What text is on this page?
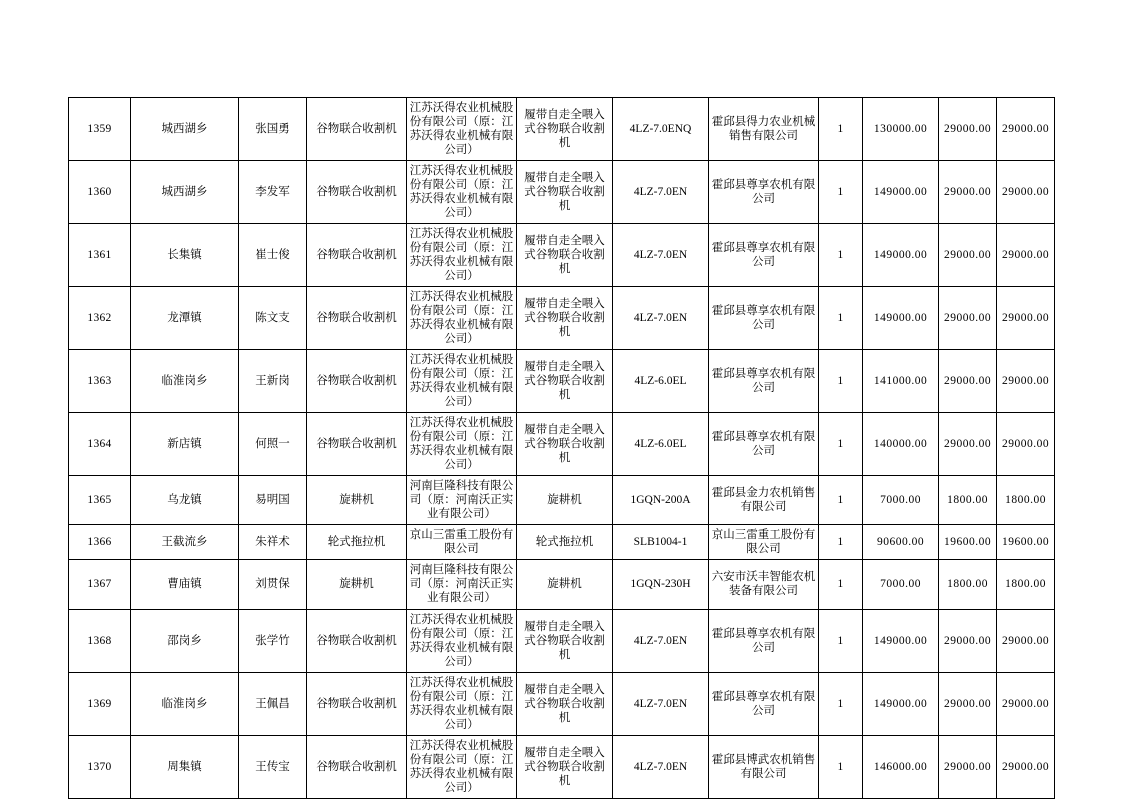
1359	城西湖乡	张国勇	谷物联合收割机	江苏沃得农业机械股份有限公司（原：江苏沃得农业机械有限公司）	履带自走全喂入式谷物联合收割机	4LZ-7.0ENQ	霍邱县得力农业机械销售有限公司	1	130000.00	29000.00	29000.00
1360	城西湖乡	李发军	谷物联合收割机	江苏沃得农业机械股份有限公司（原：江苏沃得农业机械有限公司）	履带自走全喂入式谷物联合收割机	4LZ-7.0EN	霍邱县尊享农机有限公司	1	149000.00	29000.00	29000.00
1361	长集镇	崔士俊	谷物联合收割机	江苏沃得农业机械股份有限公司（原：江苏沃得农业机械有限公司）	履带自走全喂入式谷物联合收割机	4LZ-7.0EN	霍邱县尊享农机有限公司	1	149000.00	29000.00	29000.00
1362	龙潭镇	陈文支	谷物联合收割机	江苏沃得农业机械股份有限公司（原：江苏沃得农业机械有限公司）	履带自走全喂入式谷物联合收割机	4LZ-7.0EN	霍邱县尊享农机有限公司	1	149000.00	29000.00	29000.00
1363	临淮岗乡	王新岗	谷物联合收割机	江苏沃得农业机械股份有限公司（原：江苏沃得农业机械有限公司）	履带自走全喂入式谷物联合收割机	4LZ-6.0EL	霍邱县尊享农机有限公司	1	141000.00	29000.00	29000.00
1364	新店镇	何照一	谷物联合收割机	江苏沃得农业机械股份有限公司（原：江苏沃得农业机械有限公司）	履带自走全喂入式谷物联合收割机	4LZ-6.0EL	霍邱县尊享农机有限公司	1	140000.00	29000.00	29000.00
1365	乌龙镇	易明国	旋耕机	河南巨隆科技有限公司（原：河南沃正实业有限公司）	旋耕机	1GQN-200A	霍邱县金力农机销售有限公司	1	7000.00	1800.00	1800.00
1366	王截流乡	朱祥术	轮式拖拉机	京山三雷重工股份有限公司	轮式拖拉机	SLB1004-1	京山三雷重工股份有限公司	1	90600.00	19600.00	19600.00
1367	曹庙镇	刘贯保	旋耕机	河南巨隆科技有限公司（原：河南沃正实业有限公司）	旋耕机	1GQN-230H	六安市沃丰智能农机装备有限公司	1	7000.00	1800.00	1800.00
1368	邵岗乡	张学竹	谷物联合收割机	江苏沃得农业机械股份有限公司（原：江苏沃得农业机械有限公司）	履带自走全喂入式谷物联合收割机	4LZ-7.0EN	霍邱县尊享农机有限公司	1	149000.00	29000.00	29000.00
1369	临淮岗乡	王佩昌	谷物联合收割机	江苏沃得农业机械股份有限公司（原：江苏沃得农业机械有限公司）	履带自走全喂入式谷物联合收割机	4LZ-7.0EN	霍邱县尊享农机有限公司	1	149000.00	29000.00	29000.00
1370	周集镇	王传宝	谷物联合收割机	江苏沃得农业机械股份有限公司（原：江苏沃得农业机械有限公司）	履带自走全喂入式谷物联合收割机	4LZ-7.0EN	霍邱县博武农机销售有限公司	1	146000.00	29000.00	29000.00
